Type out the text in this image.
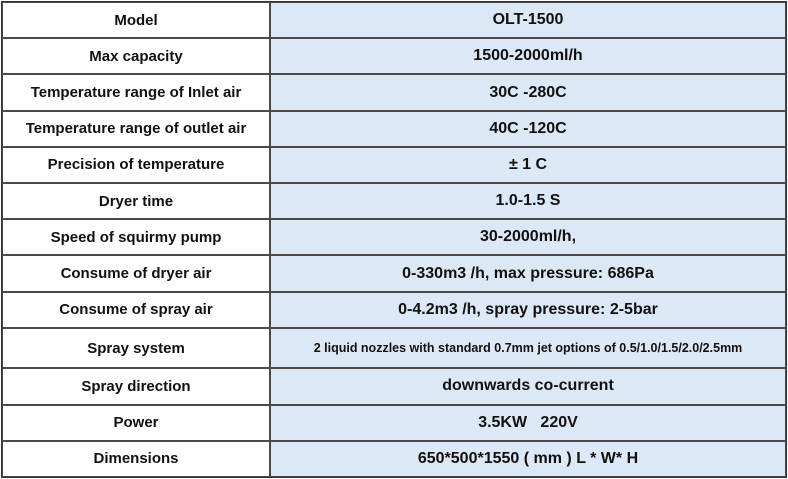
Model	OLT-1500
Max capacity	1500-2000ml/h
Temperature range of Inlet air	30C -280C
Temperature range of outlet air	40C -120C
Precision of temperature	± 1 C
Dryer time	1.0-1.5 S
Speed of squirmy pump	30-2000ml/h,
Consume of dryer air	0-330m3 /h, max pressure: 686Pa
Consume of spray air	0-4.2m3 /h, spray pressure: 2-5bar
Spray system	2 liquid nozzles with standard 0.7mm jet options of 0.5/1.0/1.5/2.0/2.5mm
Spray direction	downwards co-current
Power	3.5KW   220V
Dimensions	650*500*1550 ( mm ) L * W* H
